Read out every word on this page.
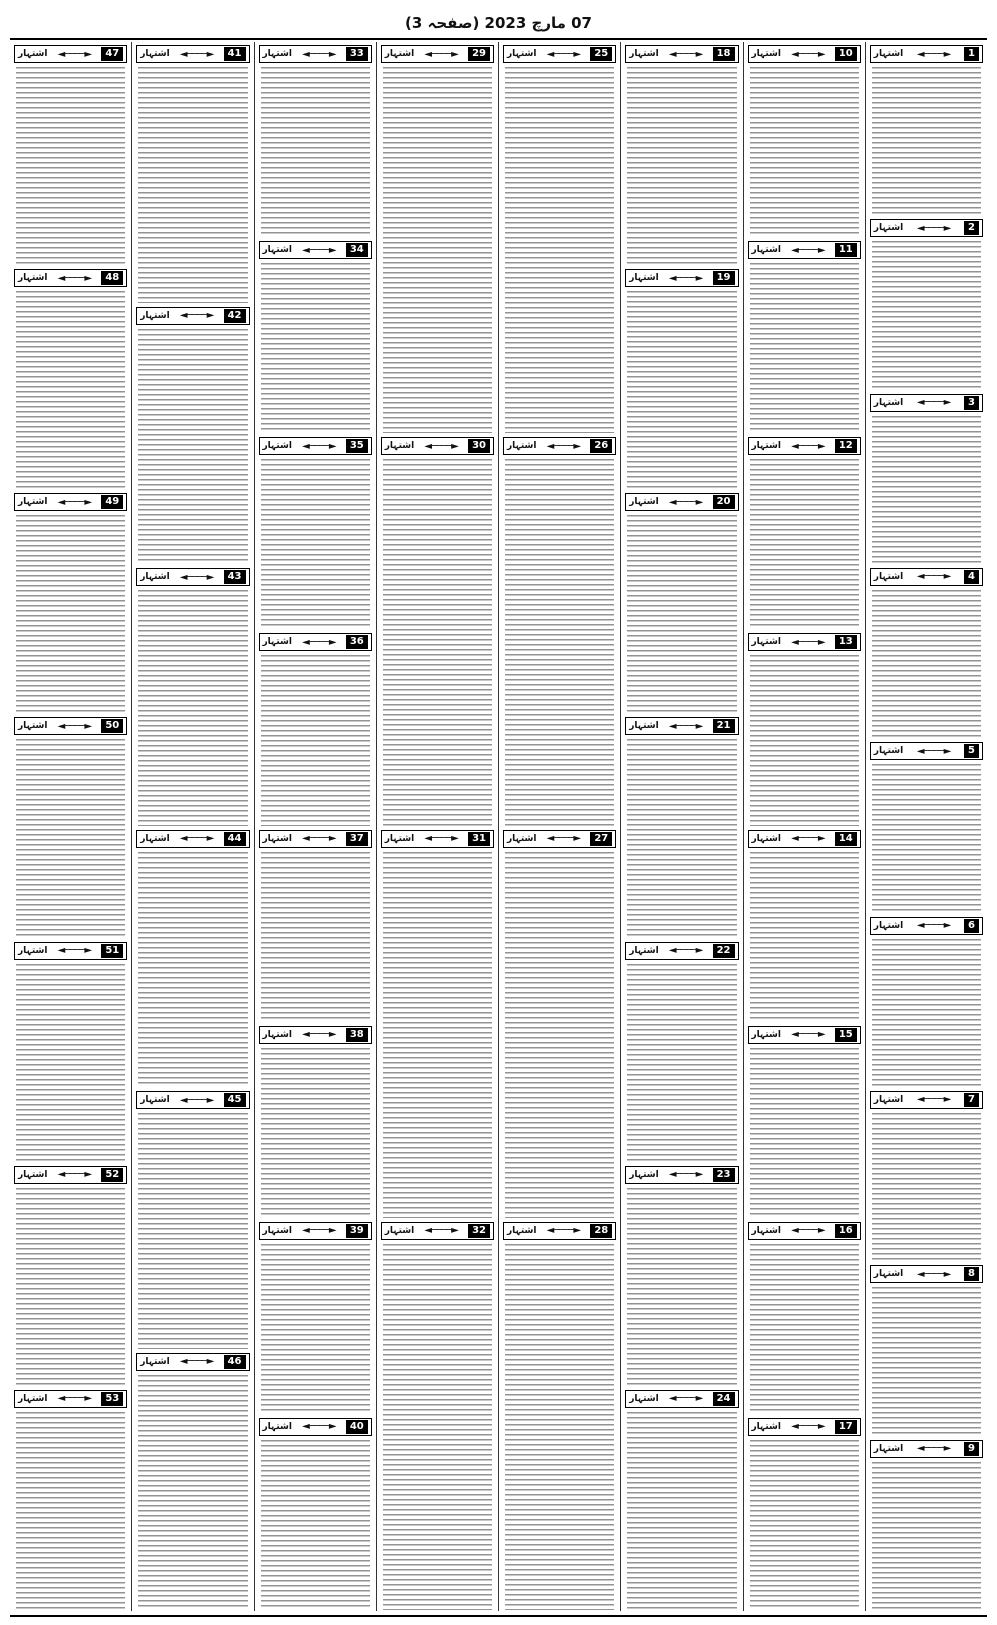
07 مارچ 2023 (صفحہ 3)
1
◄────►
اشتہار
2
◄────►
اشتہار
3
◄────►
اشتہار
4
◄────►
اشتہار
5
◄────►
اشتہار
6
◄────►
اشتہار
7
◄────►
اشتہار
8
◄────►
اشتہار
9
◄────►
اشتہار
10
◄────►
اشتہار
11
◄────►
اشتہار
12
◄────►
اشتہار
13
◄────►
اشتہار
14
◄────►
اشتہار
15
◄────►
اشتہار
16
◄────►
اشتہار
17
◄────►
اشتہار
18
◄────►
اشتہار
19
◄────►
اشتہار
20
◄────►
اشتہار
21
◄────►
اشتہار
22
◄────►
اشتہار
23
◄────►
اشتہار
24
◄────►
اشتہار
25
◄────►
اشتہار
26
◄────►
اشتہار
27
◄────►
اشتہار
28
◄────►
اشتہار
29
◄────►
اشتہار
30
◄────►
اشتہار
31
◄────►
اشتہار
32
◄────►
اشتہار
33
◄────►
اشتہار
34
◄────►
اشتہار
35
◄────►
اشتہار
36
◄────►
اشتہار
37
◄────►
اشتہار
38
◄────►
اشتہار
39
◄────►
اشتہار
40
◄────►
اشتہار
41
◄────►
اشتہار
42
◄────►
اشتہار
43
◄────►
اشتہار
44
◄────►
اشتہار
45
◄────►
اشتہار
46
◄────►
اشتہار
47
◄────►
اشتہار
48
◄────►
اشتہار
49
◄────►
اشتہار
50
◄────►
اشتہار
51
◄────►
اشتہار
52
◄────►
اشتہار
53
◄────►
اشتہار
